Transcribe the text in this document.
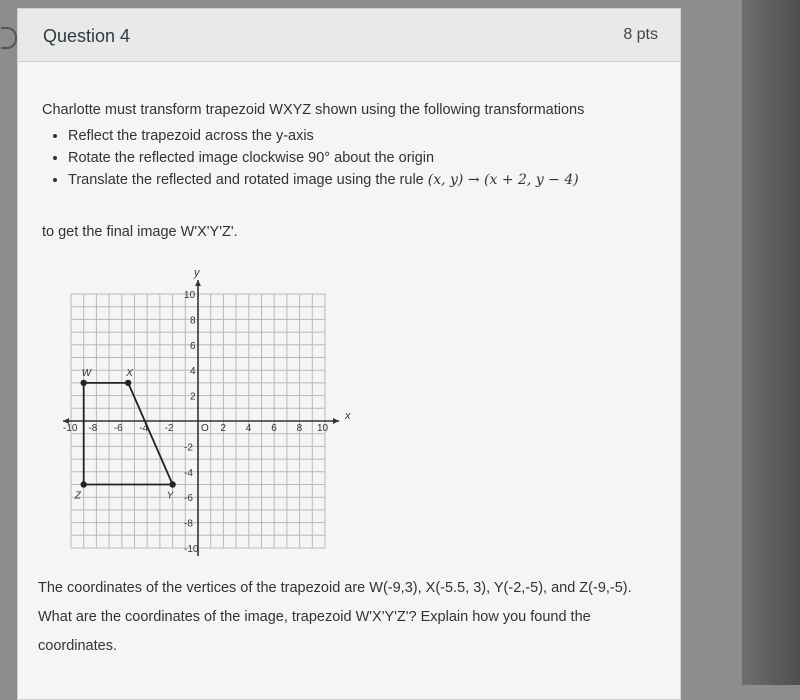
Question 4	8 pts
Charlotte must transform trapezoid WXYZ shown using the following transformations
• Reflect the trapezoid across the y-axis
• Rotate the reflected image clockwise 90° about the origin
• Translate the reflected and rotated image using the rule (x, y) → (x + 2, y − 4)
to get the final image W'X'Y'Z'.
x
y
-10 -8 -6 -4 -2	O 2 4 6 8 10
10
8
6
4
2
-2
-4
-6
-8
-10
W	X
Y
Z
The coordinates of the vertices of the trapezoid are W(-9,3), X(-5.5, 3), Y(-2,-5), and Z(-9,-5). What are the coordinates of the image, trapezoid W'X'Y'Z'? Explain how you found the coordinates.
